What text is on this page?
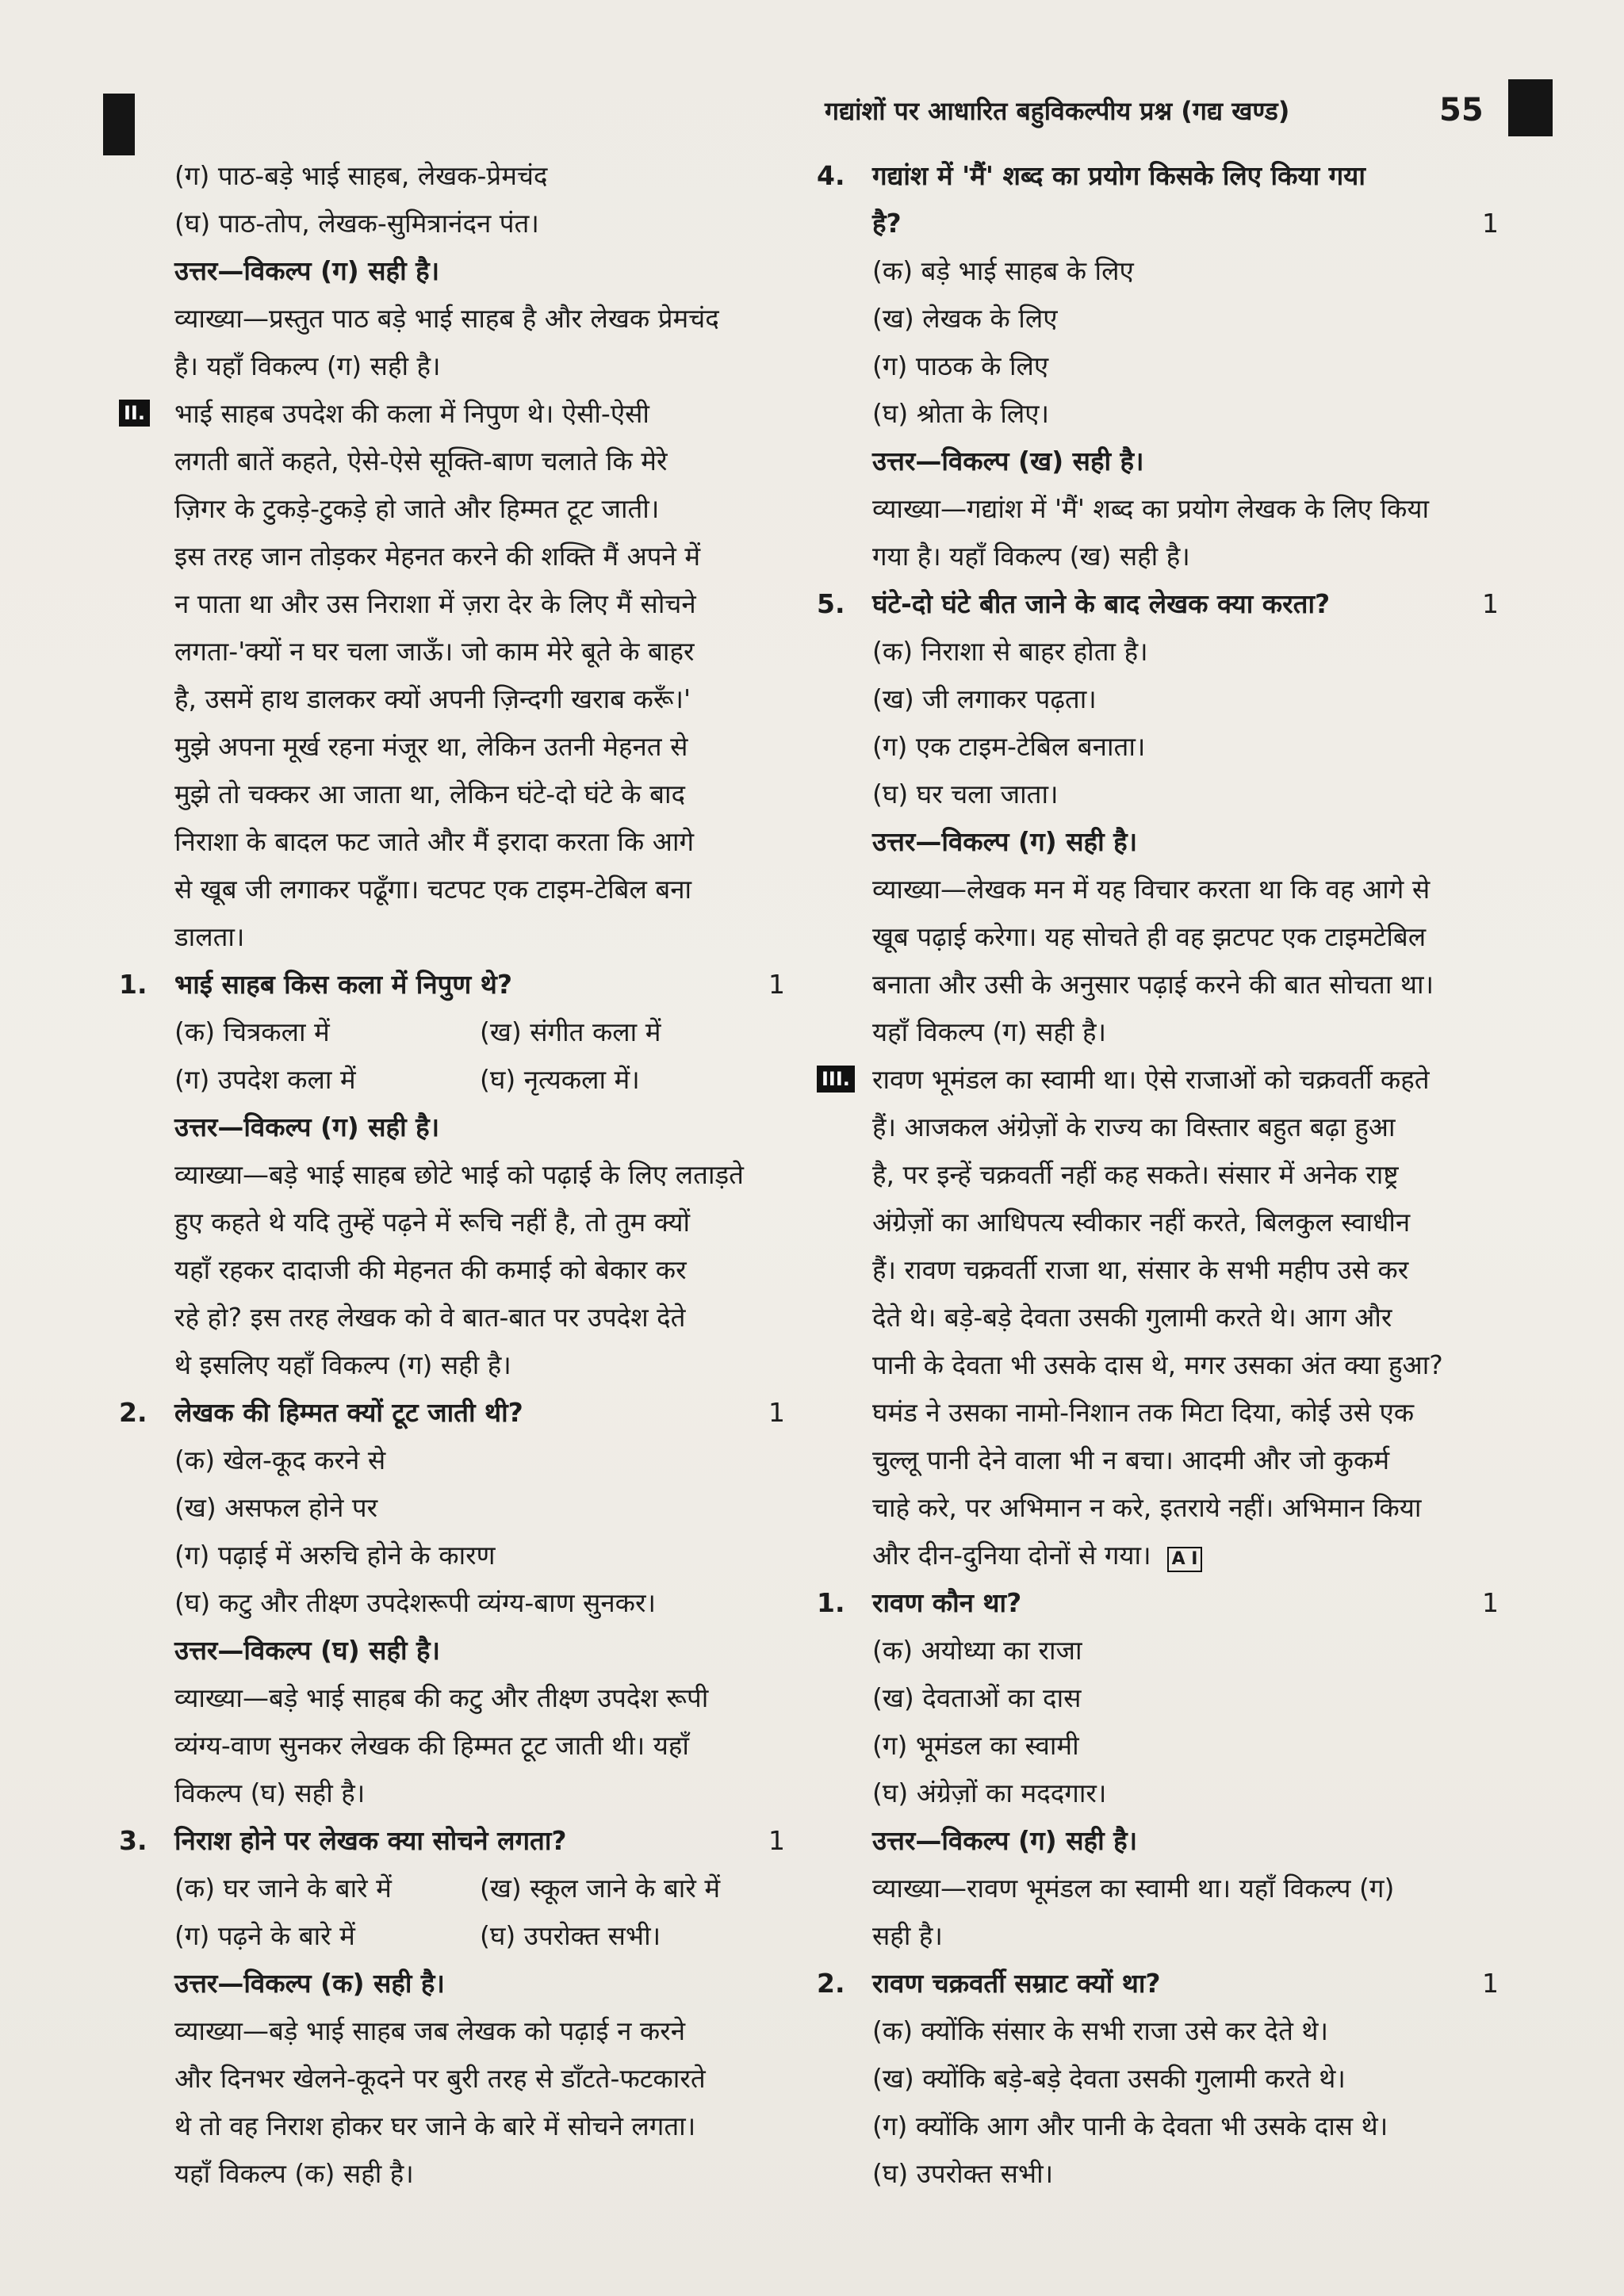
गद्यांशों पर आधारित बहुविकल्पीय प्रश्न (गद्य खण्ड)	55
(ग) पाठ-बड़े भाई साहब, लेखक-प्रेमचंद
(घ) पाठ-तोप, लेखक-सुमित्रानंदन पंत।
उत्तर—विकल्प (ग) सही है।
व्याख्या—प्रस्तुत पाठ बड़े भाई साहब है और लेखक प्रेमचंद
है। यहाँ विकल्प (ग) सही है।
II. भाई साहब उपदेश की कला में निपुण थे। ऐसी-ऐसी
लगती बातें कहते, ऐसे-ऐसे सूक्ति-बाण चलाते कि मेरे
ज़िगर के टुकड़े-टुकड़े हो जाते और हिम्मत टूट जाती।
इस तरह जान तोड़कर मेहनत करने की शक्ति मैं अपने में
न पाता था और उस निराशा में ज़रा देर के लिए मैं सोचने
लगता-'क्यों न घर चला जाऊँ। जो काम मेरे बूते के बाहर
है, उसमें हाथ डालकर क्यों अपनी ज़िन्दगी खराब करूँ।'
मुझे अपना मूर्ख रहना मंजूर था, लेकिन उतनी मेहनत से
मुझे तो चक्कर आ जाता था, लेकिन घंटे-दो घंटे के बाद
निराशा के बादल फट जाते और मैं इरादा करता कि आगे
से खूब जी लगाकर पढूँगा। चटपट एक टाइम-टेबिल बना
डालता।
1.	भाई साहब किस कला में निपुण थे?	1
(क) चित्रकला में	(ख) संगीत कला में
(ग) उपदेश कला में	(घ) नृत्यकला में।
उत्तर—विकल्प (ग) सही है।
व्याख्या—बड़े भाई साहब छोटे भाई को पढ़ाई के लिए लताड़ते
हुए कहते थे यदि तुम्हें पढ़ने में रूचि नहीं है, तो तुम क्यों
यहाँ रहकर दादाजी की मेहनत की कमाई को बेकार कर
रहे हो? इस तरह लेखक को वे बात-बात पर उपदेश देते
थे इसलिए यहाँ विकल्प (ग) सही है।
2.	लेखक की हिम्मत क्यों टूट जाती थी?	1
(क) खेल-कूद करने से
(ख) असफल होने पर
(ग) पढ़ाई में अरुचि होने के कारण
(घ) कटु और तीक्ष्ण उपदेशरूपी व्यंग्य-बाण सुनकर।
उत्तर—विकल्प (घ) सही है।
व्याख्या—बड़े भाई साहब की कटु और तीक्ष्ण उपदेश रूपी
व्यंग्य-वाण सुनकर लेखक की हिम्मत टूट जाती थी। यहाँ
विकल्प (घ) सही है।
3.	निराश होने पर लेखक क्या सोचने लगता?	1
(क) घर जाने के बारे में	(ख) स्कूल जाने के बारे में
(ग) पढ़ने के बारे में	(घ) उपरोक्त सभी।
उत्तर—विकल्प (क) सही है।
व्याख्या—बड़े भाई साहब जब लेखक को पढ़ाई न करने
और दिनभर खेलने-कूदने पर बुरी तरह से डाँटते-फटकारते
थे तो वह निराश होकर घर जाने के बारे में सोचने लगता।
यहाँ विकल्प (क) सही है।
4.	गद्यांश में 'मैं' शब्द का प्रयोग किसके लिए किया गया
है?	1
(क) बड़े भाई साहब के लिए
(ख) लेखक के लिए
(ग) पाठक के लिए
(घ) श्रोता के लिए।
उत्तर—विकल्प (ख) सही है।
व्याख्या—गद्यांश में 'मैं' शब्द का प्रयोग लेखक के लिए किया
गया है। यहाँ विकल्प (ख) सही है।
5.	घंटे-दो घंटे बीत जाने के बाद लेखक क्या करता?	1
(क) निराशा से बाहर होता है।
(ख) जी लगाकर पढ़ता।
(ग) एक टाइम-टेबिल बनाता।
(घ) घर चला जाता।
उत्तर—विकल्प (ग) सही है।
व्याख्या—लेखक मन में यह विचार करता था कि वह आगे से
खूब पढ़ाई करेगा। यह सोचते ही वह झटपट एक टाइमटेबिल
बनाता और उसी के अनुसार पढ़ाई करने की बात सोचता था।
यहाँ विकल्प (ग) सही है।
III. रावण भूमंडल का स्वामी था। ऐसे राजाओं को चक्रवर्ती कहते
हैं। आजकल अंग्रेज़ों के राज्य का विस्तार बहुत बढ़ा हुआ
है, पर इन्हें चक्रवर्ती नहीं कह सकते। संसार में अनेक राष्ट्र
अंग्रेज़ों का आधिपत्य स्वीकार नहीं करते, बिलकुल स्वाधीन
हैं। रावण चक्रवर्ती राजा था, संसार के सभी महीप उसे कर
देते थे। बड़े-बड़े देवता उसकी गुलामी करते थे। आग और
पानी के देवता भी उसके दास थे, मगर उसका अंत क्या हुआ?
घमंड ने उसका नामो-निशान तक मिटा दिया, कोई उसे एक
चुल्लू पानी देने वाला भी न बचा। आदमी और जो कुकर्म
चाहे करे, पर अभिमान न करे, इतराये नहीं। अभिमान किया
और दीन-दुनिया दोनों से गया। A I
1.	रावण कौन था?	1
(क) अयोध्या का राजा
(ख) देवताओं का दास
(ग) भूमंडल का स्वामी
(घ) अंग्रेज़ों का मददगार।
उत्तर—विकल्प (ग) सही है।
व्याख्या—रावण भूमंडल का स्वामी था। यहाँ विकल्प (ग)
सही है।
2.	रावण चक्रवर्ती सम्राट क्यों था?	1
(क) क्योंकि संसार के सभी राजा उसे कर देते थे।
(ख) क्योंकि बड़े-बड़े देवता उसकी गुलामी करते थे।
(ग) क्योंकि आग और पानी के देवता भी उसके दास थे।
(घ) उपरोक्त सभी।
